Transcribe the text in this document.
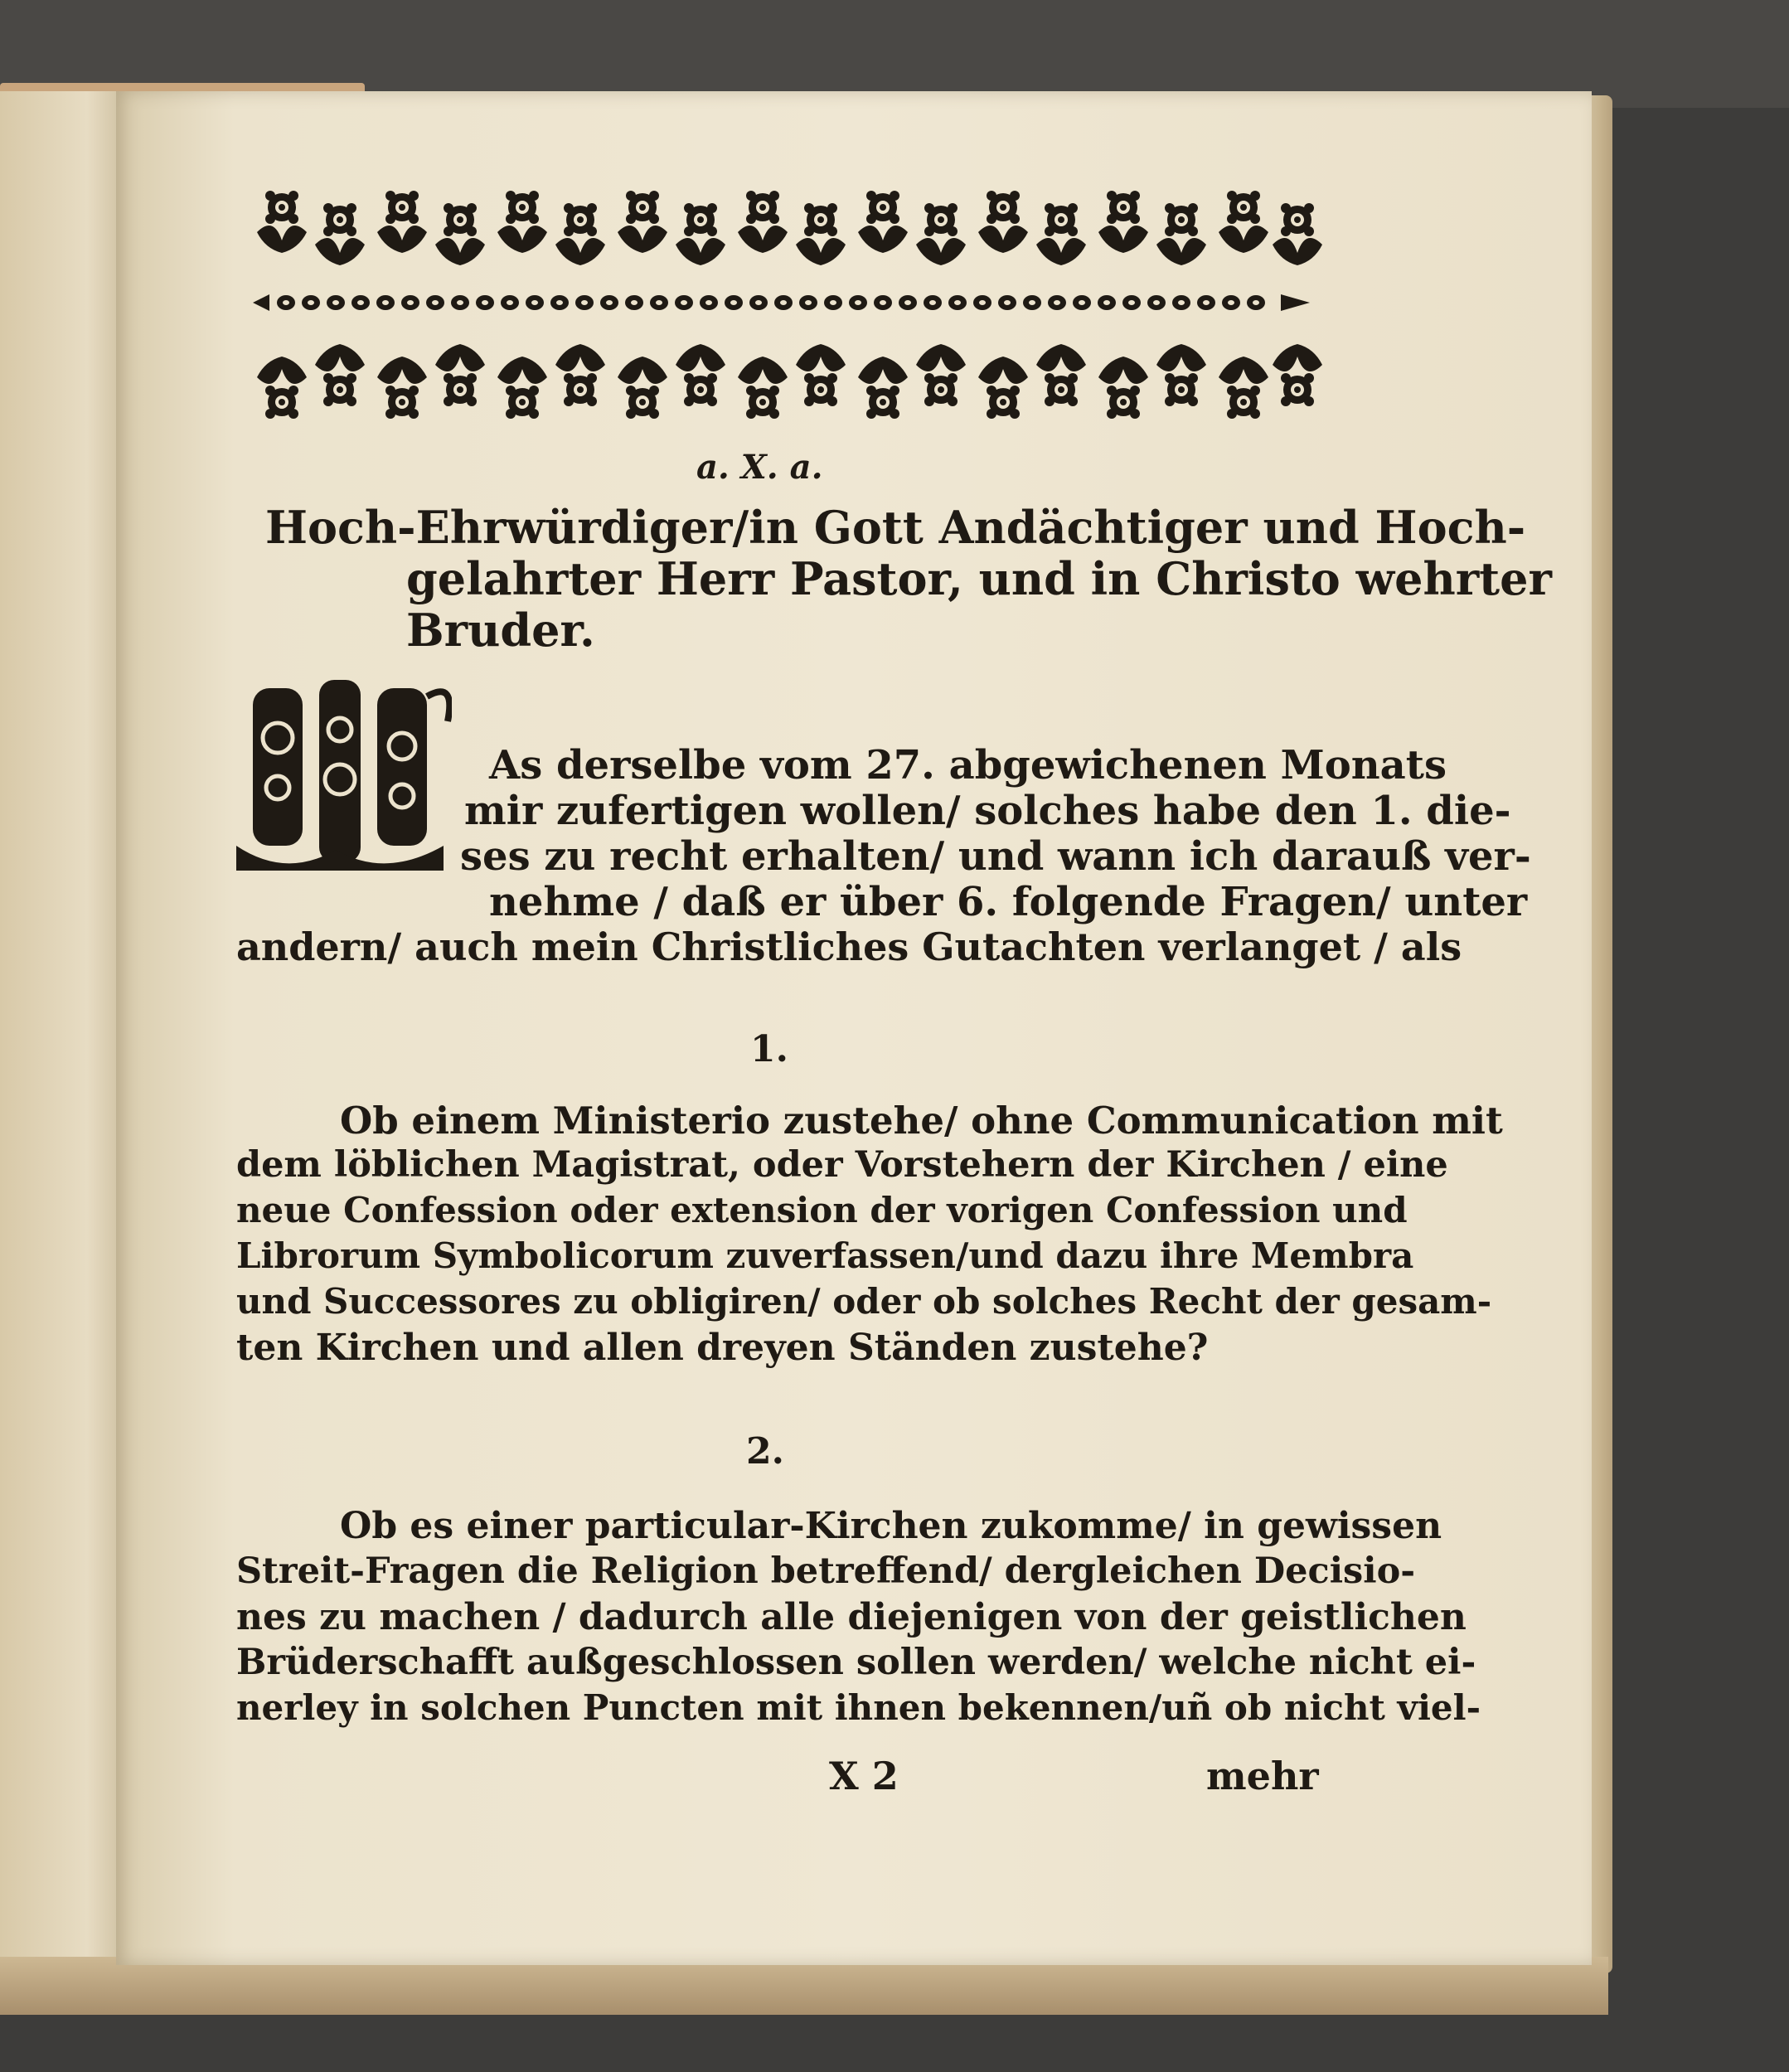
a. X. a.
Hoch-Ehrwürdiger/in Gott Andächtiger und Hoch-
gelahrter Herr Pastor, und in Christo wehrter
Bruder.
As derselbe vom 27. abgewichenen Monats
mir zufertigen wollen/ solches habe den 1. die-
ses zu recht erhalten/ und wann ich darauß ver-
nehme / daß er über 6. folgende Fragen/ unter
andern/ auch mein Christliches Gutachten verlanget / als
1.
Ob einem Ministerio zustehe/ ohne Communication mit
dem löblichen Magistrat, oder Vorstehern der Kirchen / eine
neue Confession oder extension der vorigen Confession und
Librorum Symbolicorum zuverfassen/und dazu ihre Membra
und Successores zu obligiren/ oder ob solches Recht der gesam-
ten Kirchen und allen dreyen Ständen zustehe?
2.
Ob es einer particular-Kirchen zukomme/ in gewissen
Streit-Fragen die Religion betreffend/ dergleichen Decisio-
nes zu machen / dadurch alle diejenigen von der geistlichen
Brüderschafft außgeschlossen sollen werden/ welche nicht ei-
nerley in solchen Puncten mit ihnen bekennen/uñ ob nicht viel-
X 2	mehr
